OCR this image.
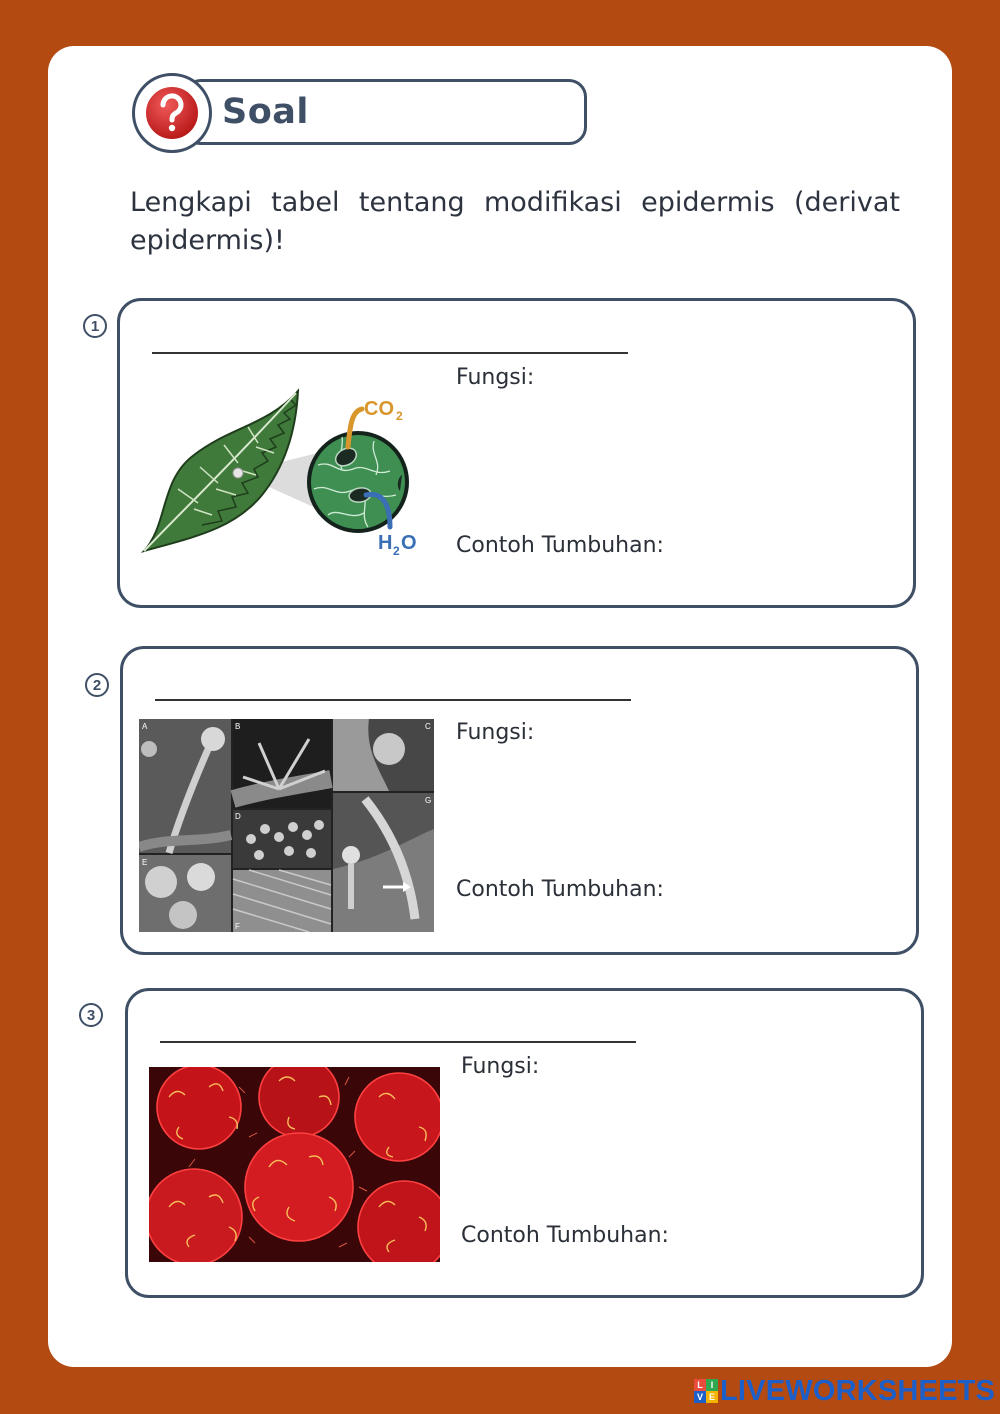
Soal
Lengkapi tabel tentang modifikasi epidermis (derivat epidermis)!
1
Fungsi:
Contoh Tumbuhan:
CO 2
H 2 O
2
Fungsi:
Contoh Tumbuhan:
A	B	C
D
E
F
G
3
Fungsi:
Contoh Tumbuhan:
L I
V E LIVEWORKSHEETS
